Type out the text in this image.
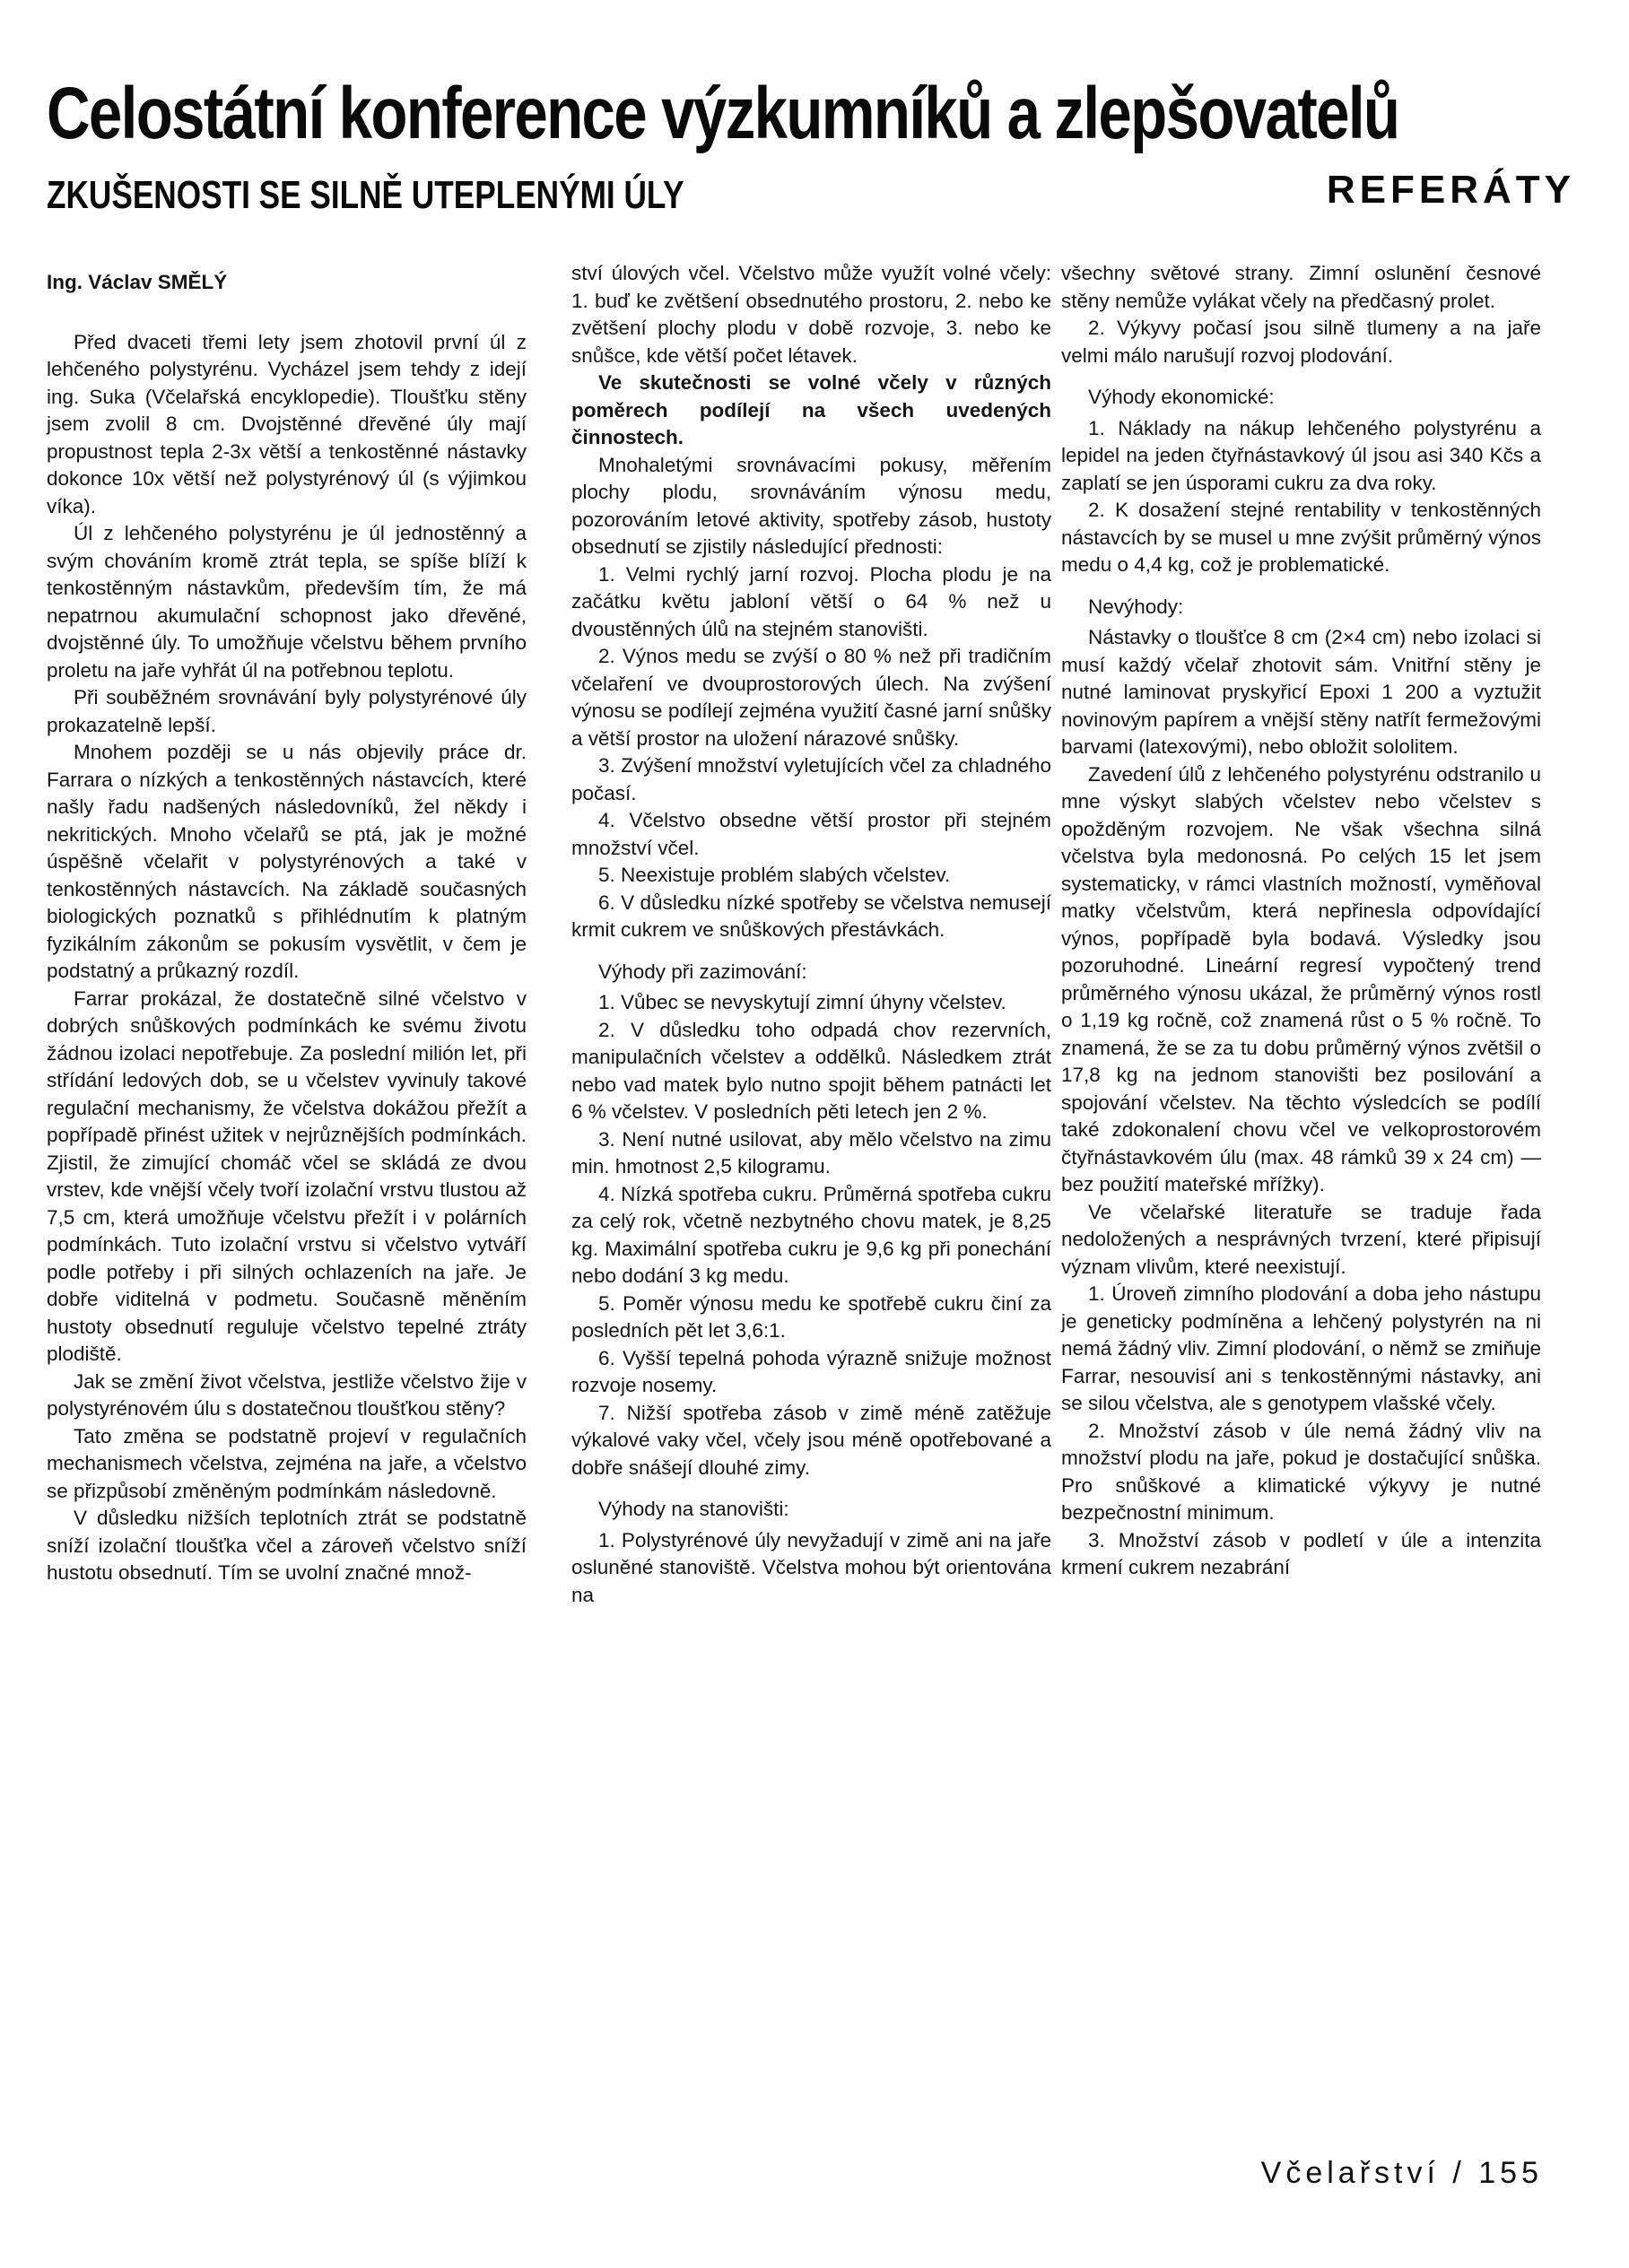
Celostátní konference výzkumníků a zlepšovatelů
ZKUŠENOSTI SE SILNĚ UTEPLENÝMI ÚLY	REFERÁTY
Ing. Václav SMĚLÝ

Před dvaceti třemi lety jsem zhotovil první úl z lehčeného polystyrénu. Vycházel jsem tehdy z idejí ing. Suka (Včelařská encyklopedie). Tloušťku stěny jsem zvolil 8 cm. Dvojstěnné dřevěné úly mají propustnost tepla 2-3x větší a tenkostěnné nástavky dokonce 10x větší než polystyrénový úl (s výjimkou víka).

Úl z lehčeného polystyrénu je úl jednostěnný a svým chováním kromě ztrát tepla, se spíše blíží k tenkostěnným nástavkům, především tím, že má nepatrnou akumulační schopnost jako dřevěné, dvojstěnné úly. To umožňuje včelstvu během prvního proletu na jaře vyhřát úl na potřebnou teplotu.

Při souběžném srovnávání byly polystyrénové úly prokazatelně lepší.

Mnohem později se u nás objevily práce dr. Farrara o nízkých a tenkostěnných nástavcích, které našly řadu nadšených následovníků, žel někdy i nekritických. Mnoho včelařů se ptá, jak je možné úspěšně včelařit v polystyrénových a také v tenkostěnných nástavcích. Na základě současných biologických poznatků s přihlédnutím k platným fyzikálním zákonům se pokusím vysvětlit, v čem je podstatný a průkazný rozdíl.

Farrar prokázal, že dostatečně silné včelstvo v dobrých snůškových podmínkách ke svému životu žádnou izolaci nepotřebuje. Za poslední milión let, při střídání ledových dob, se u včelstev vyvinuly takové regulační mechanismy, že včelstva dokážou přežít a popřípadě přinést užitek v nejrůznějších podmínkách. Zjistil, že zimující chomáč včel se skládá ze dvou vrstev, kde vnější včely tvoří izolační vrstvu tlustou až 7,5 cm, která umožňuje včelstvu přežít i v polárních podmínkách. Tuto izolační vrstvu si včelstvo vytváří podle potřeby i při silných ochlazeních na jaře. Je dobře viditelná v podmetu. Současně měněním hustoty obsednutí reguluje včelstvo tepelné ztráty plodiště.

Jak se změní život včelstva, jestliže včelstvo žije v polystyrénovém úlu s dostatečnou tloušťkou stěny?

Tato změna se podstatně projeví v regulačních mechanismech včelstva, zejména na jaře, a včelstvo se přizpůsobí změněným podmínkám následovně.

V důsledku nižších teplotních ztrát se podstatně sníží izolační tloušťka včel a zároveň včelstvo sníží hustotu obsednutí. Tím se uvolní značné množ-

ství úlových včel. Včelstvo může využít volné včely: 1. buď ke zvětšení obsednutého prostoru, 2. nebo ke zvětšení plochy plodu v době rozvoje, 3. nebo ke snůšce, kde větší počet létavek.

Ve skutečnosti se volné včely v různých poměrech podílejí na všech uvedených činnostech.

Mnohaletými srovnávacími pokusy, měřením plochy plodu, srovnáváním výnosu medu, pozorováním letové aktivity, spotřeby zásob, hustoty obsednutí se zjistily následující přednosti:

1. Velmi rychlý jarní rozvoj. Plocha plodu je na začátku květu jabloní větší o 64 % než u dvoustěnných úlů na stejném stanovišti.

2. Výnos medu se zvýší o 80 % než při tradičním včelaření ve dvouprostorových úlech. Na zvýšení výnosu se podílejí zejména využití časné jarní snůšky a větší prostor na uložení nárazové snůšky.

3. Zvýšení množství vyletujících včel za chladného počasí.

4. Včelstvo obsedne větší prostor při stejném množství včel.

5. Neexistuje problém slabých včelstev.

6. V důsledku nízké spotřeby se včelstva nemusejí krmit cukrem ve snůškových přestávkách.

Výhody při zazimování:

1. Vůbec se nevyskytují zimní úhyny včelstev.

2. V důsledku toho odpadá chov rezervních, manipulačních včelstev a oddělků. Následkem ztrát nebo vad matek bylo nutno spojit během patnácti let 6 % včelstev. V posledních pěti letech jen 2 %.

3. Není nutné usilovat, aby mělo včelstvo na zimu min. hmotnost 2,5 kilogramu.

4. Nízká spotřeba cukru. Průměrná spotřeba cukru za celý rok, včetně nezbytného chovu matek, je 8,25 kg. Maximální spotřeba cukru je 9,6 kg při ponechání nebo dodání 3 kg medu.

5. Poměr výnosu medu ke spotřebě cukru činí za posledních pět let 3,6:1.

6. Vyšší tepelná pohoda výrazně snižuje možnost rozvoje nosemy.

7. Nižší spotřeba zásob v zimě méně zatěžuje výkalové vaky včel, včely jsou méně opotřebované a dobře snášejí dlouhé zimy.

Výhody na stanovišti:

1. Polystyrénové úly nevyžadují v zimě ani na jaře osluněné stanoviště. Včelstva mohou být orientována na

všechny světové strany. Zimní oslunění česnové stěny nemůže vylákat včely na předčasný prolet.

2. Výkyvy počasí jsou silně tlumeny a na jaře velmi málo narušují rozvoj plodování.

Výhody ekonomické:

1. Náklady na nákup lehčeného polystyrénu a lepidel na jeden čtyřnástavkový úl jsou asi 340 Kčs a zaplatí se jen úsporami cukru za dva roky.

2. K dosažení stejné rentability v tenkostěnných nástavcích by se musel u mne zvýšit průměrný výnos medu o 4,4 kg, což je problematické.

Nevýhody:

Nástavky o tloušťce 8 cm (2×4 cm) nebo izolaci si musí každý včelař zhotovit sám. Vnitřní stěny je nutné laminovat pryskyřicí Epoxi 1 200 a vyztužit novinovým papírem a vnější stěny natřít fermežovými barvami (latexovými), nebo obložit sololitem.

Zavedení úlů z lehčeného polystyrénu odstranilo u mne výskyt slabých včelstev nebo včelstev s opožděným rozvojem. Ne však všechna silná včelstva byla medonosná. Po celých 15 let jsem systematicky, v rámci vlastních možností, vyměňoval matky včelstvům, která nepřinesla odpovídající výnos, popřípadě byla bodavá. Výsledky jsou pozoruhodné. Lineární regresí vypočtený trend průměrného výnosu ukázal, že průměrný výnos rostl o 1,19 kg ročně, což znamená růst o 5 % ročně. To znamená, že se za tu dobu průměrný výnos zvětšil o 17,8 kg na jednom stanovišti bez posilování a spojování včelstev. Na těchto výsledcích se podílí také zdokonalení chovu včel ve velkoprostorovém čtyřnástavkovém úlu (max. 48 rámků 39 x 24 cm) — bez použití mateřské mřížky).

Ve včelařské literatuře se traduje řada nedoložených a nesprávných tvrzení, které připisují význam vlivům, které neexistují.

1. Úroveň zimního plodování a doba jeho nástupu je geneticky podmíněna a lehčený polystyrén na ni nemá žádný vliv. Zimní plodování, o němž se zmiňuje Farrar, nesouvisí ani s tenkostěnnými nástavky, ani se silou včelstva, ale s genotypem vlašské včely.

2. Množství zásob v úle nemá žádný vliv na množství plodu na jaře, pokud je dostačující snůška. Pro snůškové a klimatické výkyvy je nutné bezpečnostní minimum.

3. Množství zásob v podletí v úle a intenzita krmení cukrem nezabrání

Včelařství / 155
